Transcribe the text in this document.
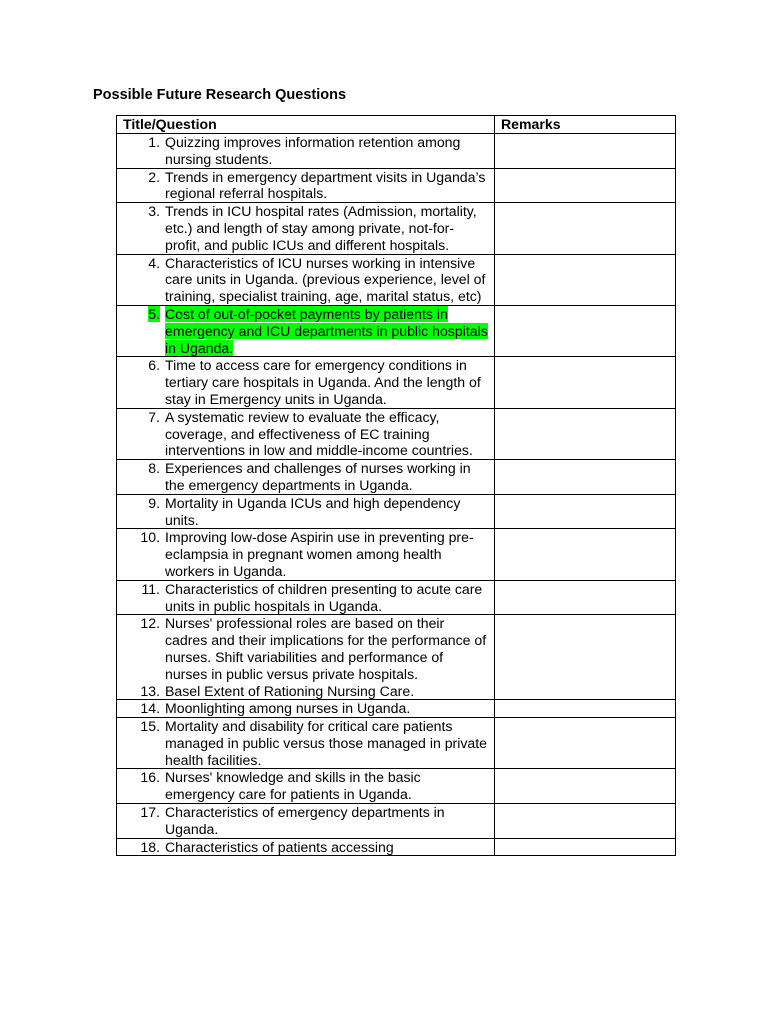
Possible Future Research Questions
Title/Question	Remarks

1. Quizzing improves information retention among nursing students.	

2. Trends in emergency department visits in Uganda’s regional referral hospitals.	

3. Trends in ICU hospital rates (Admission, mortality, etc.) and length of stay among private, not-for-profit, and public ICUs and different hospitals.	

4. Characteristics of ICU nurses working in intensive care units in Uganda. (previous experience, level of training, specialist training, age, marital status, etc)	

5. Cost of out-of-pocket payments by patients in emergency and ICU departments in public hospitals in Uganda.	

6. Time to access care for emergency conditions in tertiary care hospitals in Uganda. And the length of stay in Emergency units in Uganda.	

7. A systematic review to evaluate the efficacy, coverage, and effectiveness of EC training interventions in low and middle-income countries.	

8. Experiences and challenges of nurses working in the emergency departments in Uganda.	

9. Mortality in Uganda ICUs and high dependency units.	

10. Improving low-dose Aspirin use in preventing pre-eclampsia in pregnant women among health workers in Uganda.	

11. Characteristics of children presenting to acute care units in public hospitals in Uganda.	

12. Nurses' professional roles are based on their cadres and their implications for the performance of nurses. Shift variabilities and performance of nurses in public versus private hospitals.
13. Basel Extent of Rationing Nursing Care.	

14. Moonlighting among nurses in Uganda.	

15. Mortality and disability for critical care patients managed in public versus those managed in private health facilities.	

16. Nurses' knowledge and skills in the basic emergency care for patients in Uganda.	

17. Characteristics of emergency departments in Uganda.	

18. Characteristics of patients accessing	
